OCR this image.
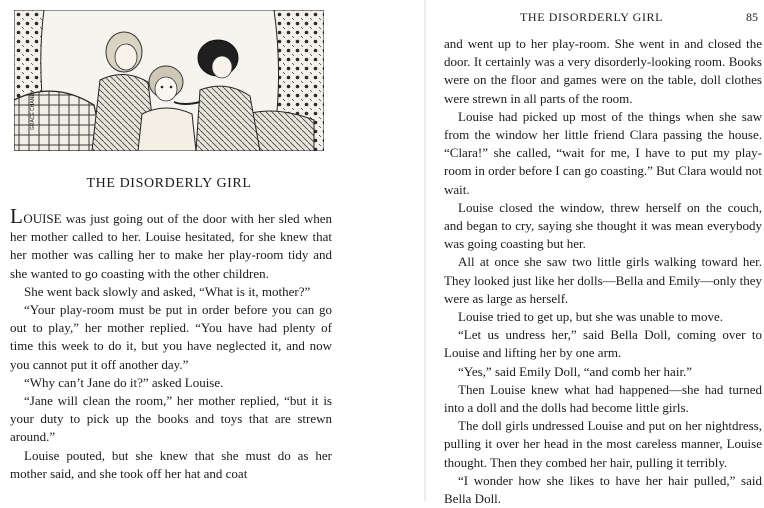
GRACE CHANEY
THE DISORDERLY GIRL

LOUISE was just going out of the door with her sled when her mother called to her. Louise hesitated, for she knew that her mother was calling her to make her play-room tidy and she wanted to go coasting with the other children.

She went back slowly and asked, “What is it, mother?”

“Your play-room must be put in order before you can go out to play,” her mother replied. “You have had plenty of time this week to do it, but you have neglected it, and now you cannot put it off another day.”

“Why can’t Jane do it?” asked Louise.

“Jane will clean the room,” her mother replied, “but it is your duty to pick up the books and toys that are strewn around.”

Louise pouted, but she knew that she must do as her mother said, and she took off her hat and coat

THE DISORDERLY GIRL	85

and went up to her play-room. She went in and closed the door. It certainly was a very disorderly-looking room. Books were on the floor and games were on the table, doll clothes were strewn in all parts of the room.

Louise had picked up most of the things when she saw from the window her little friend Clara passing the house. “Clara!” she called, “wait for me, I have to put my play-room in order before I can go coasting.” But Clara would not wait.

Louise closed the window, threw herself on the couch, and began to cry, saying she thought it was mean everybody was going coasting but her.

All at once she saw two little girls walking toward her. They looked just like her dolls—Bella and Emily—only they were as large as herself.

Louise tried to get up, but she was unable to move.

“Let us undress her,” said Bella Doll, coming over to Louise and lifting her by one arm.

“Yes,” said Emily Doll, “and comb her hair.”

Then Louise knew what had happened—she had turned into a doll and the dolls had become little girls.

The doll girls undressed Louise and put on her nightdress, pulling it over her head in the most careless manner, Louise thought. Then they combed her hair, pulling it terribly.

“I wonder how she likes to have her hair pulled,” said Bella Doll.
